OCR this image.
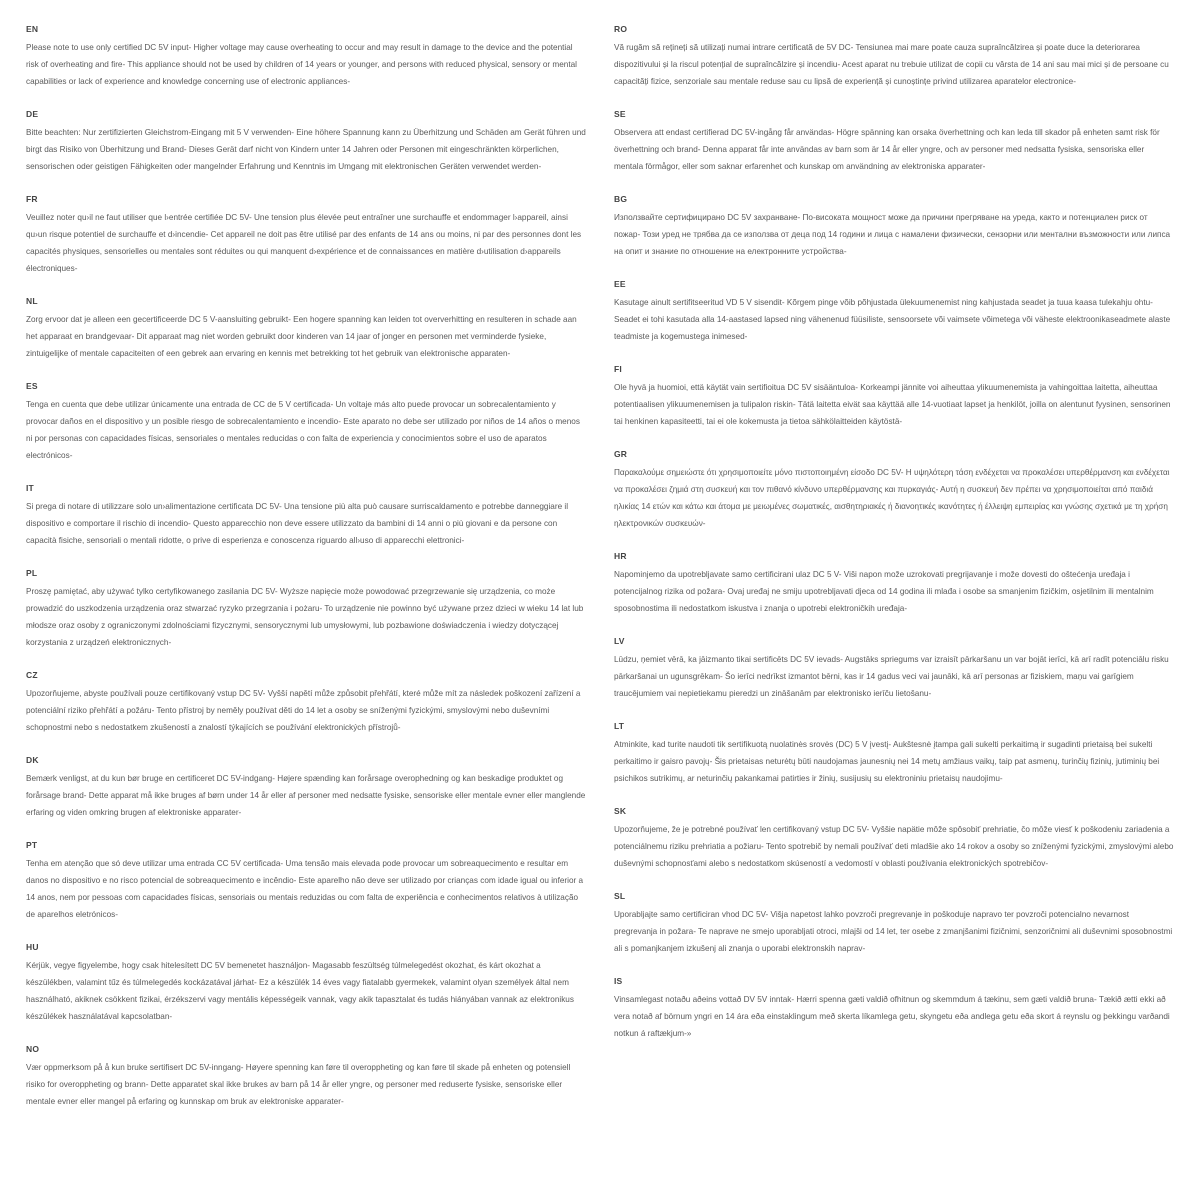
EN

Please note to use only certified DC 5V input- Higher voltage may cause overheating to occur and may result in damage to the device and the potential risk of overheating and fire- This appliance should not be used by children of 14 years or younger, and persons with reduced physical, sensory or mental capabilities or lack of experience and knowledge concerning use of electronic appliances-

DE

Bitte beachten: Nur zertifizierten Gleichstrom-Eingang mit 5 V verwenden- Eine höhere Spannung kann zu Überhitzung und Schäden am Gerät führen und birgt das Risiko von Überhitzung und Brand- Dieses Gerät darf nicht von Kindern unter 14 Jahren oder Personen mit eingeschränkten körperlichen, sensorischen oder geistigen Fähigkeiten oder mangelnder Erfahrung und Kenntnis im Umgang mit elektronischen Geräten verwendet werden-

FR

Veuillez noter qu›il ne faut utiliser que l›entrée certifiée DC 5V- Une tension plus élevée peut entraîner une surchauffe et endommager l›appareil, ainsi qu›un risque potentiel de surchauffe et d›incendie- Cet appareil ne doit pas être utilisé par des enfants de 14 ans ou moins, ni par des personnes dont les capacités physiques, sensorielles ou mentales sont réduites ou qui manquent d›expérience et de connaissances en matière d›utilisation d›appareils électroniques-

NL

Zorg ervoor dat je alleen een gecertificeerde DC 5 V-aansluiting gebruikt- Een hogere spanning kan leiden tot oververhitting en resulteren in schade aan het apparaat en brandgevaar- Dit apparaat mag niet worden gebruikt door kinderen van 14 jaar of jonger en personen met verminderde fysieke, zintuigelijke of mentale capaciteiten of een gebrek aan ervaring en kennis met betrekking tot het gebruik van elektronische apparaten-

ES

Tenga en cuenta que debe utilizar únicamente una entrada de CC de 5 V certificada- Un voltaje más alto puede provocar un sobrecalentamiento y provocar daños en el dispositivo y un posible riesgo de sobrecalentamiento e incendio- Este aparato no debe ser utilizado por niños de 14 años o menos ni por personas con capacidades físicas, sensoriales o mentales reducidas o con falta de experiencia y conocimientos sobre el uso de aparatos electrónicos-

IT

Si prega di notare di utilizzare solo un›alimentazione certificata DC 5V- Una tensione più alta può causare surriscaldamento e potrebbe danneggiare il dispositivo e comportare il rischio di incendio- Questo apparecchio non deve essere utilizzato da bambini di 14 anni o più giovani e da persone con capacità fisiche, sensoriali o mentali ridotte, o prive di esperienza e conoscenza riguardo all›uso di apparecchi elettronici-

PL

Proszę pamiętać, aby używać tylko certyfikowanego zasilania DC 5V- Wyższe napięcie może powodować przegrzewanie się urządzenia, co może prowadzić do uszkodzenia urządzenia oraz stwarzać ryzyko przegrzania i pożaru- To urządzenie nie powinno być używane przez dzieci w wieku 14 lat lub młodsze oraz osoby z ograniczonymi zdolnościami fizycznymi, sensorycznymi lub umysłowymi, lub pozbawione doświadczenia i wiedzy dotyczącej korzystania z urządzeń elektronicznych-

CZ

Upozorňujeme, abyste používali pouze certifikovaný vstup DC 5V- Vyšší napětí může způsobit přehřátí, které může mít za následek poškození zařízení a potenciální riziko přehřátí a požáru- Tento přístroj by neměly používat děti do 14 let a osoby se sníženými fyzickými, smyslovými nebo duševními schopnostmi nebo s nedostatkem zkušeností a znalostí týkajících se používání elektronických přístrojů-

DK

Bemærk venligst, at du kun bør bruge en certificeret DC 5V-indgang- Højere spænding kan forårsage overophedning og kan beskadige produktet og forårsage brand- Dette apparat må ikke bruges af børn under 14 år eller af personer med nedsatte fysiske, sensoriske eller mentale evner eller manglende erfaring og viden omkring brugen af elektroniske apparater-

PT

Tenha em atenção que só deve utilizar uma entrada CC 5V certificada- Uma tensão mais elevada pode provocar um sobreaquecimento e resultar em danos no dispositivo e no risco potencial de sobreaquecimento e incêndio- Este aparelho não deve ser utilizado por crianças com idade igual ou inferior a 14 anos, nem por pessoas com capacidades físicas, sensoriais ou mentais reduzidas ou com falta de experiência e conhecimentos relativos à utilização de aparelhos eletrónicos-

HU

Kérjük, vegye figyelembe, hogy csak hitelesített DC 5V bemenetet használjon- Magasabb feszültség túlmelegedést okozhat, és kárt okozhat a készülékben, valamint tűz és túlmelegedés kockázatával járhat- Ez a készülék 14 éves vagy fiatalabb gyermekek, valamint olyan személyek által nem használható, akiknek csökkent fizikai, érzékszervi vagy mentális képességeik vannak, vagy akik tapasztalat és tudás hiányában vannak az elektronikus készülékek használatával kapcsolatban-

NO

Vær oppmerksom på å kun bruke sertifisert DC 5V-inngang- Høyere spenning kan føre til overoppheting og kan føre til skade på enheten og potensiell risiko for overoppheting og brann- Dette apparatet skal ikke brukes av barn på 14 år eller yngre, og personer med reduserte fysiske, sensoriske eller mentale evner eller mangel på erfaring og kunnskap om bruk av elektroniske apparater-

RO

Vă rugăm să rețineți să utilizați numai intrare certificată de 5V DC- Tensiunea mai mare poate cauza supraîncălzirea și poate duce la deteriorarea dispozitivului și la riscul potențial de supraîncălzire și incendiu- Acest aparat nu trebuie utilizat de copii cu vârsta de 14 ani sau mai mici și de persoane cu capacități fizice, senzoriale sau mentale reduse sau cu lipsă de experiență și cunoștințe privind utilizarea aparatelor electronice-

SE

Observera att endast certifierad DC 5V-ingång får användas- Högre spänning kan orsaka överhettning och kan leda till skador på enheten samt risk för överhettning och brand- Denna apparat får inte användas av barn som är 14 år eller yngre, och av personer med nedsatta fysiska, sensoriska eller mentala förmågor, eller som saknar erfarenhet och kunskap om användning av elektroniska apparater-

BG

Използвайте сертифицирано DC 5V захранване- По-високата мощност може да причини прегряване на уреда, както и потенциален риск от пожар- Този уред не трябва да се използва от деца под 14 години и лица с намалени физически, сензорни или ментални възможности или липса на опит и знание по отношение на електронните устройства-

EE

Kasutage ainult sertifitseeritud VD 5 V sisendit- Kõrgem pinge võib põhjustada ülekuumenemist ning kahjustada seadet ja tuua kaasa tulekahju ohtu- Seadet ei tohi kasutada alla 14-aastased lapsed ning vähenenud füüsiliste, sensoorsete või vaimsete võimetega või väheste elektroonikaseadmete alaste teadmiste ja kogemustega inimesed-

FI

Ole hyvä ja huomioi, että käytät vain sertifioitua DC 5V sisääntuloa- Korkeampi jännite voi aiheuttaa ylikuumenemista ja vahingoittaa laitetta, aiheuttaa potentiaalisen ylikuumenemisen ja tulipalon riskin- Tätä laitetta eivät saa käyttää alle 14-vuotiaat lapset ja henkilöt, joilla on alentunut fyysinen, sensorinen tai henkinen kapasiteetti, tai ei ole kokemusta ja tietoa sähkölaitteiden käytöstä-

GR

Παρακαλούμε σημειώστε ότι χρησιμοποιείτε μόνο πιστοποιημένη είσοδο DC 5V- Η υψηλότερη τάση ενδέχεται να προκαλέσει υπερθέρμανση και ενδέχεται να προκαλέσει ζημιά στη συσκευή και τον πιθανό κίνδυνο υπερθέρμανσης και πυρκαγιάς- Αυτή η συσκευή δεν πρέπει να χρησιμοποιείται από παιδιά ηλικίας 14 ετών και κάτω και άτομα με μειωμένες σωματικές, αισθητηριακές ή διανοητικές ικανότητες ή έλλειψη εμπειρίας και γνώσης σχετικά με τη χρήση ηλεκτρονικών συσκευών-

HR

Napominjemo da upotrebljavate samo certificirani ulaz DC 5 V- Viši napon može uzrokovati pregrijavanje i može dovesti do oštećenja uređaja i potencijalnog rizika od požara- Ovaj uređaj ne smiju upotrebljavati djeca od 14 godina ili mlađa i osobe sa smanjenim fizičkim, osjetilnim ili mentalnim sposobnostima ili nedostatkom iskustva i znanja o upotrebi elektroničkih uređaja-

LV

Lūdzu, ņemiet vērā, ka jāizmanto tikai sertificēts DC 5V ievads- Augstāks spriegums var izraisīt pārkaršanu un var bojāt ierīci, kā arī radīt potenciālu risku pārkaršanai un ugunsgrēkam- Šo ierīci nedrīkst izmantot bērni, kas ir 14 gadus veci vai jaunāki, kā arī personas ar fiziskiem, maņu vai garīgiem traucējumiem vai nepietiekamu pieredzi un zināšanām par elektronisko ierīču lietošanu-

LT

Atminkite, kad turite naudoti tik sertifikuotą nuolatinės srovės (DC) 5 V įvestį- Aukštesnė įtampa gali sukelti perkaitimą ir sugadinti prietaisą bei sukelti perkaitimo ir gaisro pavojų- Šis prietaisas neturėtų būti naudojamas jaunesnių nei 14 metų amžiaus vaikų, taip pat asmenų, turinčių fizinių, jutiminių bei psichikos sutrikimų, ar neturinčių pakankamai patirties ir žinių, susijusių su elektroniniu prietaisų naudojimu-

SK

Upozorňujeme, že je potrebné používať len certifikovaný vstup DC 5V- Vyššie napätie môže spôsobiť prehriatie, čo môže viesť k poškodeniu zariadenia a potenciálnemu riziku prehriatia a požiaru- Tento spotrebič by nemali používať deti mladšie ako 14 rokov a osoby so zníženými fyzickými, zmyslovými alebo duševnými schopnosťami alebo s nedostatkom skúseností a vedomostí v oblasti používania elektronických spotrebičov-

SL

Uporabljajte samo certificiran vhod DC 5V- Višja napetost lahko povzroči pregrevanje in poškoduje napravo ter povzroči potencialno nevarnost pregrevanja in požara- Te naprave ne smejo uporabljati otroci, mlajši od 14 let, ter osebe z zmanjšanimi fizičnimi, senzoričnimi ali duševnimi sposobnostmi ali s pomanjkanjem izkušenj ali znanja o uporabi elektronskih naprav-

IS

Vinsamlegast notaðu aðeins vottað DV 5V inntak- Hærri spenna gæti valdið ofhitnun og skemmdum á tækinu, sem gæti valdið bruna- Tækið ætti ekki að vera notað af börnum yngri en 14 ára eða einstaklingum með skerta líkamlega getu, skyngetu eða andlega getu eða skort á reynslu og þekkingu varðandi notkun á raftækjum-»
